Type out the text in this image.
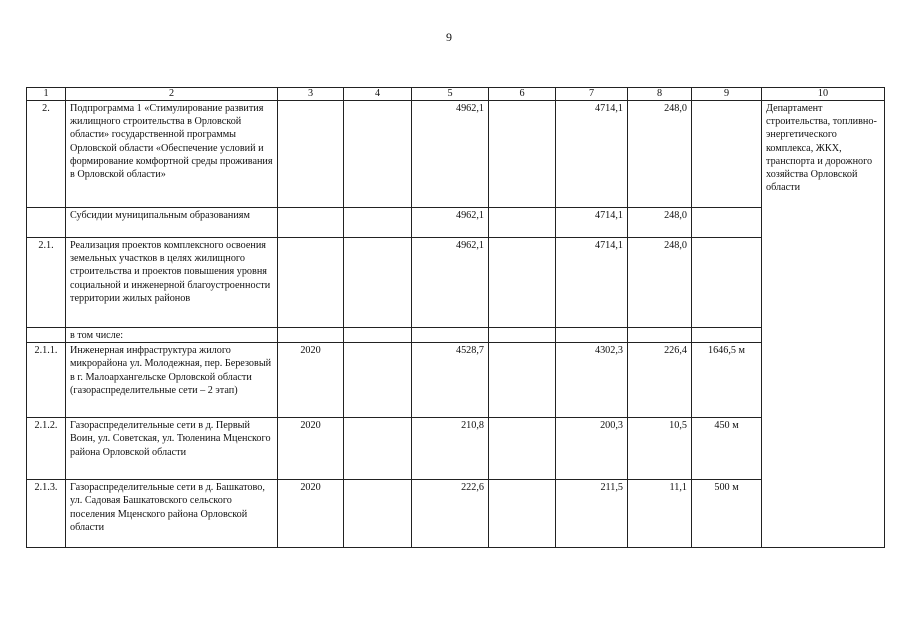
9
1	2	3	4	5	6	7	8	9	10
2.	Подпрограмма 1 «Стимулирование развития жилищного строительства в Орловской области» государственной программы Орловской области «Обеспечение условий и формирование комфортной среды проживания в Орловской области»			4962,1		4714,1	248,0		Департамент строительства, топливно-энергетического комплекса, ЖКХ, транспорта и дорожного хозяйства Орловской области
	Субсидии муниципальным образованиям			4962,1		4714,1	248,0		
2.1.	Реализация проектов комплексного освоения земельных участков в целях жилищного строительства и проектов повышения уровня социальной и инженерной благоустроенности территории жилых районов			4962,1		4714,1	248,0		
	в том числе:								
2.1.1.	Инженерная инфраструктура жилого микрорайона ул. Молодежная, пер. Березовый в г. Малоархангельске Орловской области (газораспределительные сети – 2 этап)	2020		4528,7		4302,3	226,4	1646,5 м	
2.1.2.	Газораспределительные сети в д. Первый Воин, ул. Советская, ул. Тюленина Мценского района Орловской области	2020		210,8		200,3	10,5	450 м	
2.1.3.	Газораспределительные сети в д. Башкатово, ул. Садовая Башкатовского сельского поселения Мценского района Орловской области	2020		222,6		211,5	11,1	500 м	
